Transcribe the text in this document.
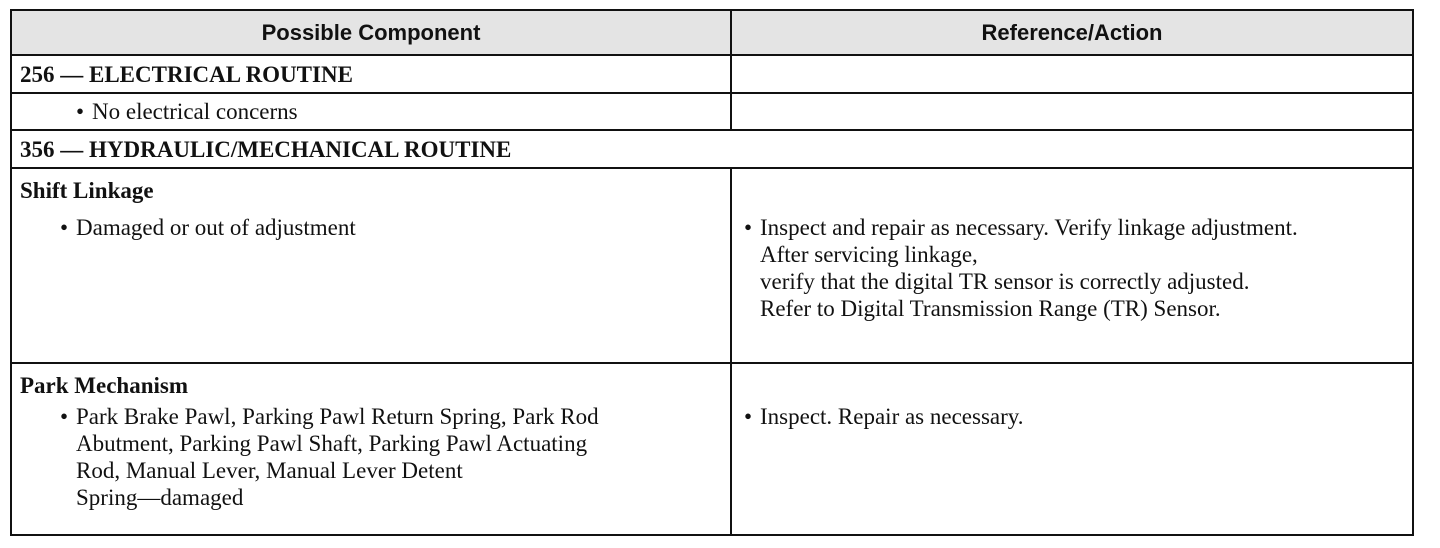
Possible Component	Reference/Action
256 — ELECTRICAL ROUTINE
• No electrical concerns
356 — HYDRAULIC/MECHANICAL ROUTINE
Shift Linkage
• Damaged or out of adjustment	• Inspect and repair as necessary. Verify linkage adjustment.
After servicing linkage,
verify that the digital TR sensor is correctly adjusted.
Refer to Digital Transmission Range (TR) Sensor.
Park Mechanism
• Park Brake Pawl, Parking Pawl Return Spring, Park Rod
Abutment, Parking Pawl Shaft, Parking Pawl Actuating
Rod, Manual Lever, Manual Lever Detent
Spring—damaged
• Inspect. Repair as necessary.
